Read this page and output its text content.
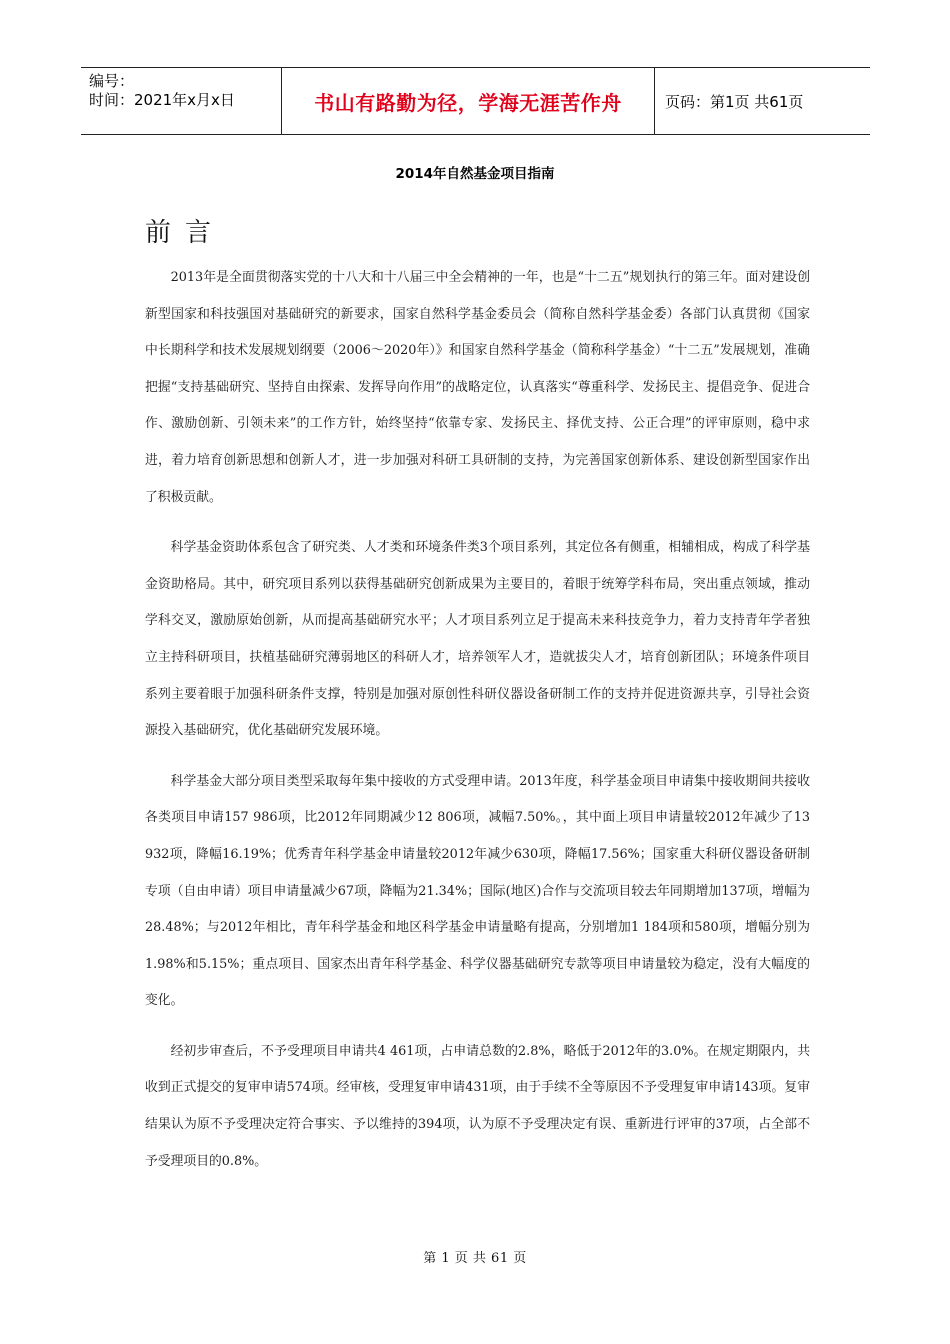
编号：
时间：2021年x月x日	书山有路勤为径，学海无涯苦作舟	页码：第1页 共61页
2014年自然基金项目指南
前言

2013年是全面贯彻落实党的十八大和十八届三中全会精神的一年，也是“十二五”规划执行的第三年。面对建设创新型国家和科技强国对基础研究的新要求，国家自然科学基金委员会（简称自然科学基金委）各部门认真贯彻《国家中长期科学和技术发展规划纲要（2006～2020年）》和国家自然科学基金（简称科学基金）“十二五”发展规划，准确把握“支持基础研究、坚持自由探索、发挥导向作用”的战略定位，认真落实“尊重科学、发扬民主、提倡竞争、促进合作、激励创新、引领未来”的工作方针，始终坚持“依靠专家、发扬民主、择优支持、公正合理”的评审原则，稳中求进，着力培育创新思想和创新人才，进一步加强对科研工具研制的支持，为完善国家创新体系、建设创新型国家作出了积极贡献。

科学基金资助体系包含了研究类、人才类和环境条件类3个项目系列，其定位各有侧重，相辅相成，构成了科学基金资助格局。其中，研究项目系列以获得基础研究创新成果为主要目的，着眼于统筹学科布局，突出重点领域，推动学科交叉，激励原始创新，从而提高基础研究水平；人才项目系列立足于提高未来科技竞争力，着力支持青年学者独立主持科研项目，扶植基础研究薄弱地区的科研人才，培养领军人才，造就拔尖人才，培育创新团队；环境条件项目系列主要着眼于加强科研条件支撑，特别是加强对原创性科研仪器设备研制工作的支持并促进资源共享，引导社会资源投入基础研究，优化基础研究发展环境。

科学基金大部分项目类型采取每年集中接收的方式受理申请。2013年度，科学基金项目申请集中接收期间共接收各类项目申请157 986项，比2012年同期减少12 806项，减幅7.50%。，其中面上项目申请量较2012年减少了13 932项，降幅16.19%；优秀青年科学基金申请量较2012年减少630项，降幅17.56%；国家重大科研仪器设备研制专项（自由申请）项目申请量减少67项，降幅为21.34%；国际(地区)合作与交流项目较去年同期增加137项，增幅为28.48%；与2012年相比，青年科学基金和地区科学基金申请量略有提高，分别增加1 184项和580项，增幅分别为1.98%和5.15%；重点项目、国家杰出青年科学基金、科学仪器基础研究专款等项目申请量较为稳定，没有大幅度的变化。

经初步审查后，不予受理项目申请共4 461项，占申请总数的2.8%，略低于2012年的3.0%。在规定期限内，共收到正式提交的复审申请574项。经审核，受理复审申请431项，由于手续不全等原因不予受理复审申请143项。复审结果认为原不予受理决定符合事实、予以维持的394项，认为原不予受理决定有误、重新进行评审的37项，占全部不予受理项目的0.8%。

第 1 页 共 61 页
